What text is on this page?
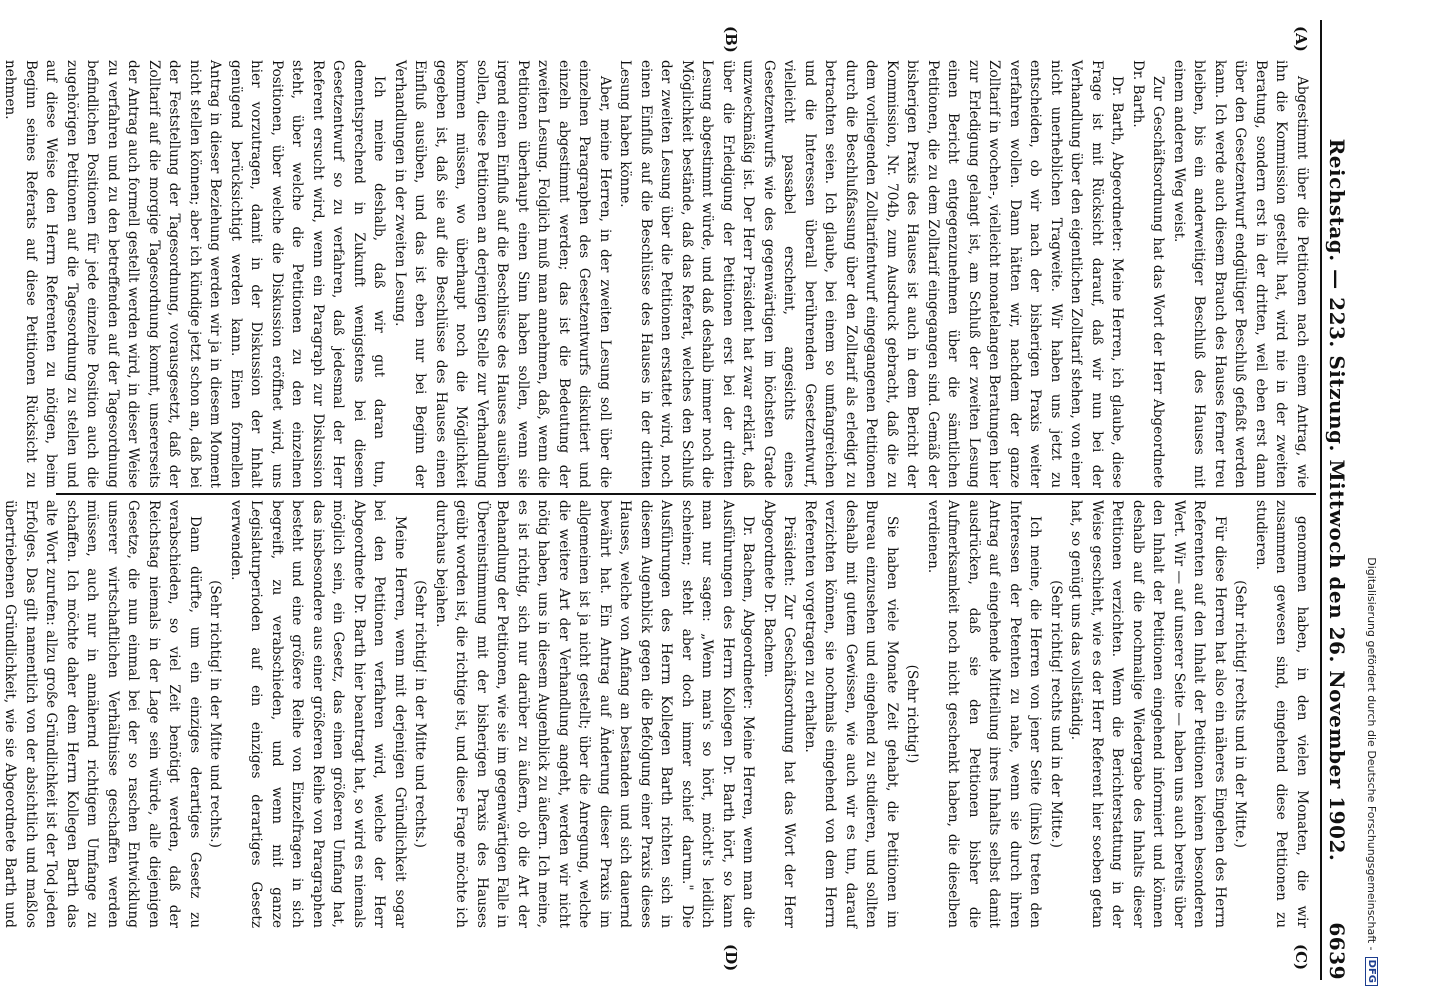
Reichstag. — 223. Sitzung. Mittwoch den 26. November 1902.
6639
(A)
(B)
(C)
(D)

Abgestimmt über die Petitionen nach einem Antrag, wie ihn die Kommission gestellt hat, wird nie in der zweiten Beratung, sondern erst in der dritten, weil eben erst dann über den Gesetzentwurf endgültiger Beschluß gefaßt werden kann. Ich werde auch diesem Brauch des Hauses ferner treu bleiben, bis ein anderweitiger Beschluß des Hauses mit einem anderen Weg weist.

Zur Geschäftsordnung hat das Wort der Herr Abgeordnete Dr. Barth.

Dr. Barth, Abgeordneter: Meine Herren, ich glaube, diese Frage ist mit Rücksicht darauf, daß wir nun bei der Verhandlung über den eigentlichen Zolltarif stehen, von einer nicht unerheblichen Tragweite. Wir haben uns jetzt zu entscheiden, ob wir nach der bisherigen Praxis weiter verfahren wollen. Dann hätten wir, nachdem der ganze Zolltarif in wochen-, vielleicht monatelangen Beratungen hier zur Erledigung gelangt ist, am Schluß der zweiten Lesung einen Bericht entgegenzunehmen über die sämtlichen Petitionen, die zu dem Zolltarif eingegangen sind. Gemäß der bisherigen Praxis des Hauses ist auch in dem Bericht der Kommission, Nr. 704b, zum Ausdruck gebracht, daß die zu dem vorliegenden Zolltarifentwurf eingegangenen Petitionen durch die Beschlußfassung über den Zolltarif als erledigt zu betrachten seien. Ich glaube, bei einem so umfangreichen und die Interessen überall berührenden Gesetzentwurf, vielleicht passabel erscheint, angesichts eines Gesetzentwurfs wie des gegenwärtigen im höchsten Grade unzweckmäßig ist. Der Herr Präsident hat zwar erklärt, daß über die Erledigung der Petitionen erst bei der dritten Lesung abgestimmt würde, und daß deshalb immer noch die Möglichkeit bestände, daß das Referat, welches den Schluß der zweiten Lesung über die Petitionen erstattet wird, noch einen Einfluß auf die Beschlüsse des Hauses in der dritten Lesung haben könne.

Aber, meine Herren, in der zweiten Lesung soll über die einzelnen Paragraphen des Gesetzentwurfs diskutiert und einzeln abgestimmt werden; das ist die Bedeutung der zweiten Lesung. Folglich muß man annehmen, daß, wenn die Petitionen überhaupt einen Sinn haben sollen, wenn sie irgend einen Einfluß auf die Beschlüsse des Hauses ausüben sollen, diese Petitionen an derjenigen Stelle zur Verhandlung kommen müssen, wo überhaupt noch die Möglichkeit gegeben ist, daß sie auf die Beschlüsse des Hauses einen Einfluß ausüben, und das ist eben nur bei Beginn der Verhandlungen in der zweiten Lesung.

Ich meine deshalb, daß wir gut daran tun, dementsprechend in Zukunft wenigstens bei diesem Gesetzentwurf so zu verfahren, daß jedesmal der Herr Referent ersucht wird, wenn ein Paragraph zur Diskussion steht, über welche die Petitionen zu den einzelnen Positionen, über welche die Diskussion eröffnet wird, uns hier vorzutragen, damit in der Diskussion der Inhalt genügend berücksichtigt werden kann. Einen formellen Antrag in dieser Beziehung werden wir ja in diesem Moment nicht stellen können; aber ich kündige jetzt schon an, daß bei der Feststellung der Tagesordnung, vorausgesetzt, daß der Zolltarif auf die morgige Tagesordnung kommt, unsererseits der Antrag auch formell gestellt werden wird, in dieser Weise zu verfahren und zu den betreffenden auf der Tagesordnung befindlichen Positionen für jede einzelne Position auch die zugehörigen Petitionen auf die Tagesordnung zu stellen und auf diese Weise den Herrn Referenten zu nötigen, beim Beginn seines Referats auf diese Petitionen Rücksicht zu nehmen.

genommen haben, in den vielen Monaten, die wir zusammen gewesen sind, eingehend diese Petitionen zu studieren.

(Sehr richtig! rechts und in der Mitte.)

Für diese Herren hat also ein näheres Eingehen des Herrn Referenten auf den Inhalt der Petitionen keinen besonderen Wert. Wir — auf unserer Seite — haben uns auch bereits über den Inhalt der Petitionen eingehend informiert und können deshalb auf die nochmalige Wiedergabe des Inhalts dieser Petitionen verzichten. Wenn die Berichterstattung in der Weise geschieht, wie es der Herr Referent hier soeben getan hat, so genügt uns das vollständig.

(Sehr richtig! rechts und in der Mitte.)

Ich meine, die Herren von jener Seite (links) treten den Interessen der Petenten zu nahe, wenn sie durch ihren Antrag auf eingehende Mitteilung ihres Inhalts selbst damit ausdrücken, daß sie den Petitionen bisher die Aufmerksamkeit noch nicht geschenkt haben, die dieselben verdienen.

(Sehr richtig!)

Sie haben viele Monate Zeit gehabt, die Petitionen im Bureau einzusehen und eingehend zu studieren, und sollten deshalb mit gutem Gewissen, wie auch wir es tun, darauf verzichten können, sie nochmals eingehend von dem Herrn Referenten vorgetragen zu erhalten.

Präsident: Zur Geschäftsordnung hat das Wort der Herr Abgeordnete Dr. Bachem.

Dr. Bachem, Abgeordneter: Meine Herren, wenn man die Ausführungen des Herrn Kollegen Dr. Barth hört, so kann man nur sagen: „Wenn man's so hört, möcht's leidlich scheinen; steht aber doch immer schief darum." Die Ausführungen des Herrn Kollegen Barth richten sich in diesem Augenblick gegen die Befolgung einer Praxis dieses Hauses, welche von Anfang an bestanden und sich dauernd bewährt hat. Ein Antrag auf Änderung dieser Praxis im allgemeinen ist ja nicht gestellt; über die Anregung, welche die weitere Art der Verhandlung angeht, werden wir nicht nötig haben, uns in diesem Augenblick zu äußern. Ich meine, es ist richtig, sich nur darüber zu äußern, ob die Art der Behandlung der Petitionen, wie sie im gegenwärtigen Falle in Übereinstimmung mit der bisherigen Praxis des Hauses geübt worden ist, die richtige ist, und diese Frage möchte ich durchaus bejahen.

(Sehr richtig! in der Mitte und rechts.)

Meine Herren, wenn mit derjenigen Gründlichkeit sogar bei den Petitionen verfahren wird, welche der Herr Abgeordnete Dr. Barth hier beantragt hat, so wird es niemals möglich sein, ein Gesetz, das einen größeren Umfang hat, das insbesondere aus einer größeren Reihe von Paragraphen besteht und eine größere Reihe von Einzelfragen in sich begreift, zu verabschieden, und wenn mit ganze Legislaturperioden auf ein einziges derartiges Gesetz verwenden.

(Sehr richtig! in der Mitte und rechts.)

Dann dürfte, um ein einziges derartiges Gesetz zu verabschieden, so viel Zeit benötigt werden, daß der Reichstag niemals in der Lage sein würde, alle diejenigen Gesetze, die nun einmal bei der so raschen Entwicklung unserer wirtschaftlichen Verhältnisse geschaffen werden müssen, auch nur in annähernd richtigem Umfange zu schaffen. Ich möchte daher dem Herrn Kollegen Barth das alte Wort zurufen: allzu große Gründlichkeit ist der Tod jeden Erfolges. Das gilt namentlich von der absichtlich und maßlos übertriebenen Gründlichkeit, wie sie Abgeordnete Barth und	Digitalisierung gefördert durch die Deutsche Forschungsgemeinschaft -
DFG
